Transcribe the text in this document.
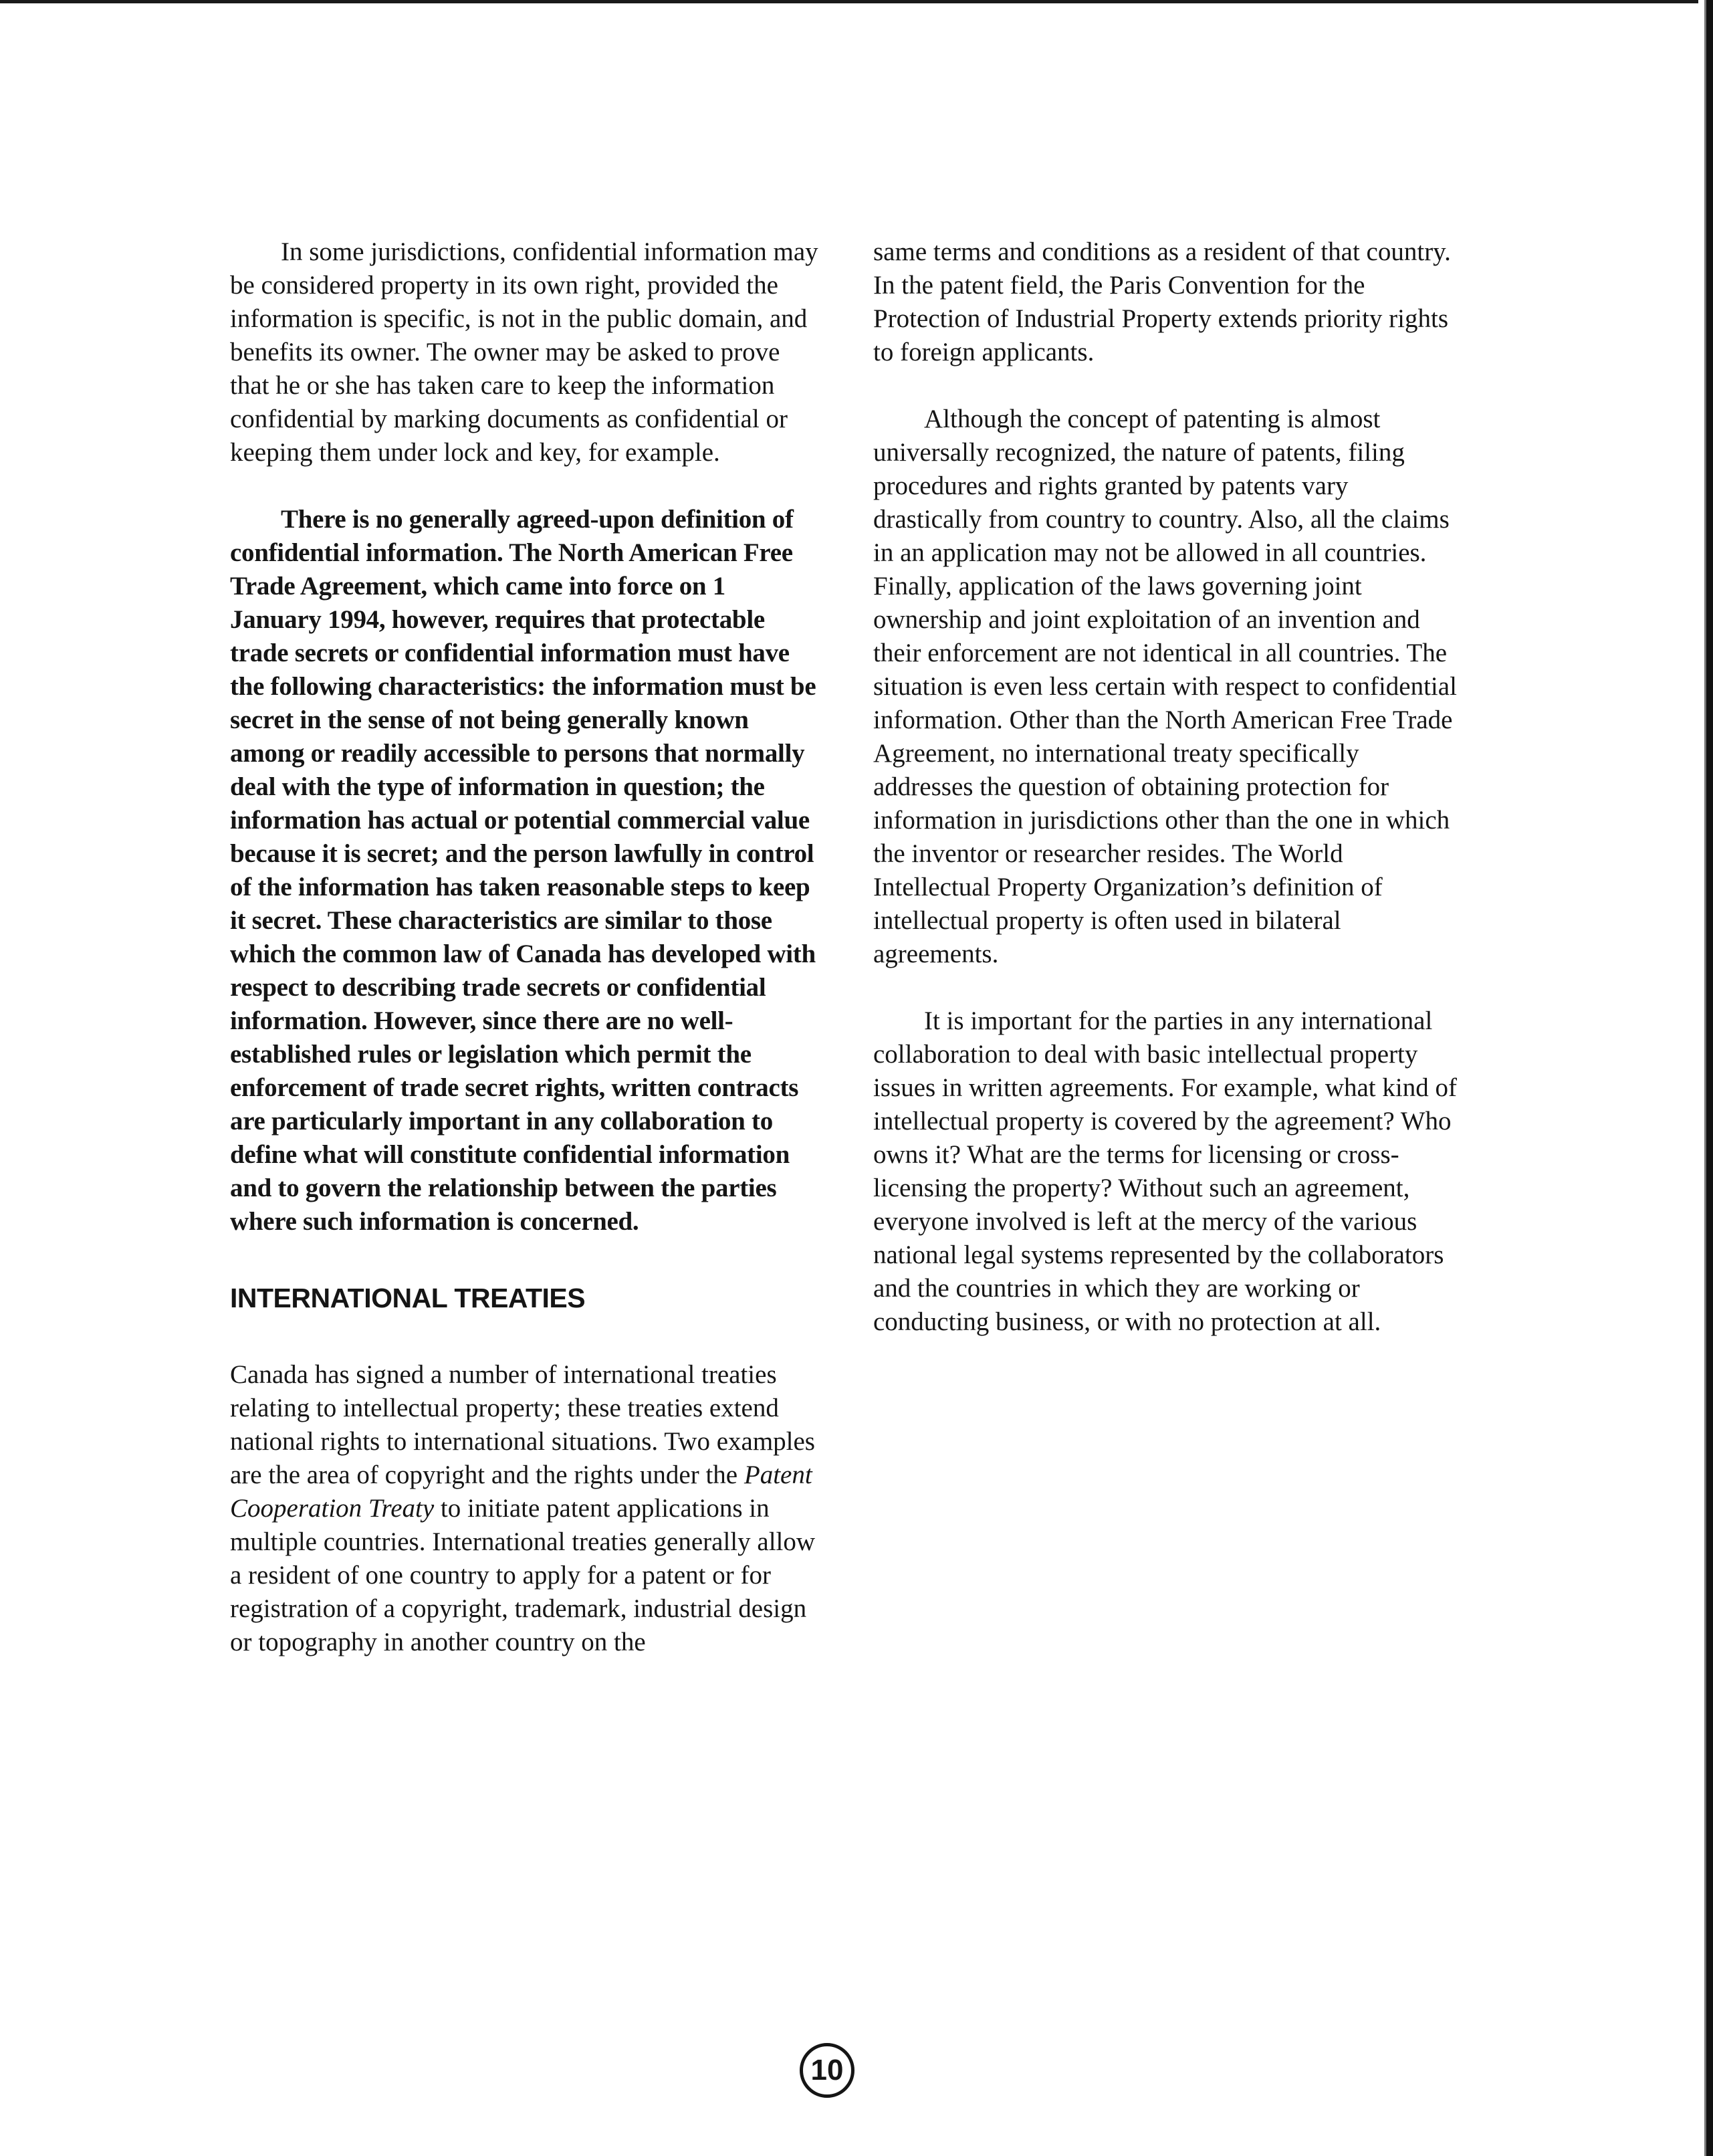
In some jurisdictions, confidential information may be considered property in its own right, provided the information is specific, is not in the public domain, and benefits its owner. The owner may be asked to prove that he or she has taken care to keep the information confidential by marking documents as confidential or keeping them under lock and key, for example.

There is no generally agreed-upon definition of confidential information. The North American Free Trade Agreement, which came into force on 1 January 1994, however, requires that protectable trade secrets or confidential information must have the following characteristics: the information must be secret in the sense of not being generally known among or readily accessible to persons that normally deal with the type of information in question; the information has actual or potential commercial value because it is secret; and the person lawfully in control of the information has taken reasonable steps to keep it secret. These characteristics are similar to those which the common law of Canada has developed with respect to describing trade secrets or confidential information. However, since there are no well-established rules or legislation which permit the enforcement of trade secret rights, written contracts are particularly important in any collaboration to define what will constitute confidential information and to govern the relationship between the parties where such information is concerned.

INTERNATIONAL TREATIES

Canada has signed a number of international treaties relating to intellectual property; these treaties extend national rights to international situations. Two examples are the area of copyright and the rights under the Patent Cooperation Treaty to initiate patent applications in multiple countries. International treaties generally allow a resident of one country to apply for a patent or for registration of a copyright, trademark, industrial design or topography in another country on the

same terms and conditions as a resident of that country. In the patent field, the Paris Convention for the Protection of Industrial Property extends priority rights to foreign applicants.

Although the concept of patenting is almost universally recognized, the nature of patents, filing procedures and rights granted by patents vary drastically from country to country. Also, all the claims in an application may not be allowed in all countries. Finally, application of the laws governing joint ownership and joint exploitation of an invention and their enforcement are not identical in all countries. The situation is even less certain with respect to confidential information. Other than the North American Free Trade Agreement, no international treaty specifically addresses the question of obtaining protection for information in jurisdictions other than the one in which the inventor or researcher resides. The World Intellectual Property Organization’s definition of intellectual property is often used in bilateral agreements.

It is important for the parties in any international collaboration to deal with basic intellectual property issues in written agreements. For example, what kind of intellectual property is covered by the agreement? Who owns it? What are the terms for licensing or cross-licensing the property? Without such an agreement, everyone involved is left at the mercy of the various national legal systems represented by the collaborators and the countries in which they are working or conducting business, or with no protection at all.

10
